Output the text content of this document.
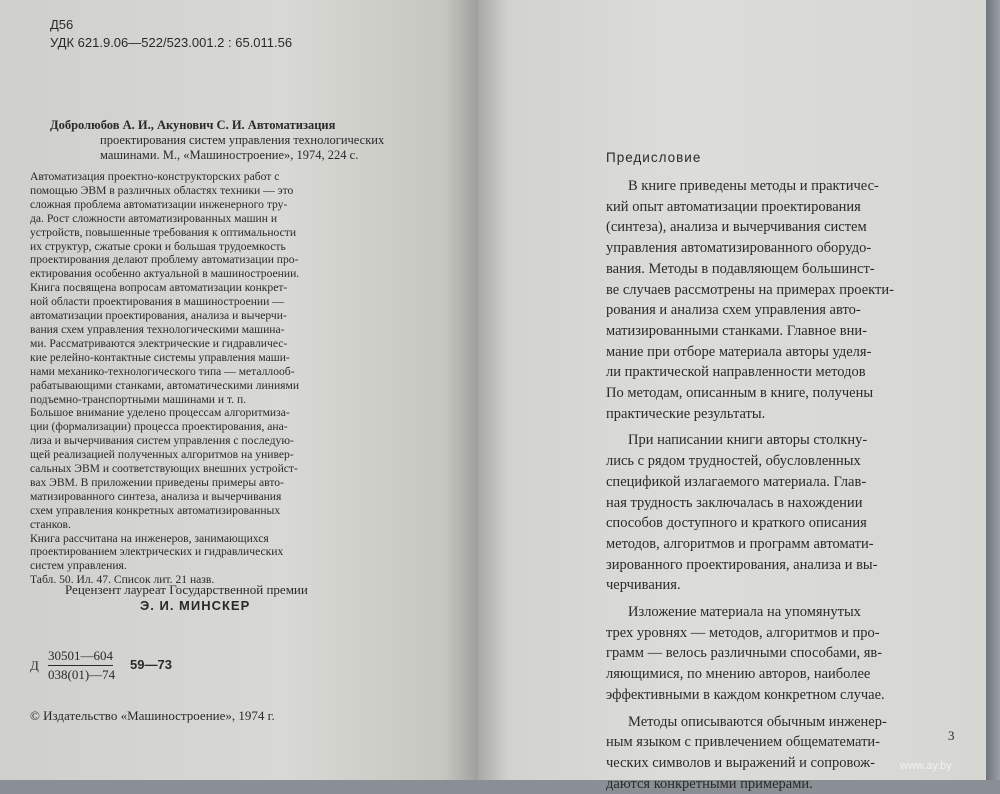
Д56
УДК 621.9.06—522/523.001.2 : 65.011.56
Добролюбов А. И., Акунович С. И. Автоматизация
проектирования систем управления технологических
машинами. М., «Машиностроение», 1974, 224 с.
Автоматизация проектно-конструкторских работ с
помощью ЭВМ в различных областях техники — это
сложная проблема автоматизации инженерного тру-
да. Рост сложности автоматизированных машин и
устройств, повышенные требования к оптимальности
их структур, сжатые сроки и большая трудоемкость
проектирования делают проблему автоматизации про-
ектирования особенно актуальной в машиностроении.
Книга посвящена вопросам автоматизации конкрет-
ной области проектирования в машиностроении —
автоматизации проектирования, анализа и вычерчи-
вания схем управления технологическими машина-
ми. Рассматриваются электрические и гидравличес-
кие релейно-контактные системы управления маши-
нами механико-технологического типа — металлооб-
рабатывающими станками, автоматическими линиями
подъемно-транспортными машинами и т. п.
Большое внимание уделено процессам алгоритмиза-
ции (формализации) процесса проектирования, ана-
лиза и вычерчивания систем управления с последую-
щей реализацией полученных алгоритмов на универ-
сальных ЭВМ и соответствующих внешних устройст-
вах ЭВМ. В приложении приведены примеры авто-
матизированного синтеза, анализа и вычерчивания
схем управления конкретных автоматизированных
станков.
Книга рассчитана на инженеров, занимающихся
проектированием электрических и гидравлических
систем управления.
Табл. 50. Ил. 47. Список лит. 21 назв.
Рецензент лауреат Государственной премии
Э. И. МИНСКЕР
Д
30501—604
038(01)—74
59—73
© Издательство «Машиностроение», 1974 г.
Предисловие
В книге приведены методы и практичес-
кий опыт автоматизации проектирования
(синтеза), анализа и вычерчивания систем
управления автоматизированного оборудо-
вания. Методы в подавляющем большинст-
ве случаев рассмотрены на примерах проекти-
рования и анализа схем управления авто-
матизированными станками. Главное вни-
мание при отборе материала авторы уделя-
ли практической направленности методов
По методам, описанным в книге, получены
практические результаты.
При написании книги авторы столкну-
лись с рядом трудностей, обусловленных
спецификой излагаемого материала. Глав-
ная трудность заключалась в нахождении
способов доступного и краткого описания
методов, алгоритмов и программ автомати-
зированного проектирования, анализа и вы-
черчивания.
Изложение материала на упомянутых
трех уровнях — методов, алгоритмов и про-
грамм — велось различными способами, яв-
ляющимися, по мнению авторов, наиболее
эффективными в каждом конкретном случае.
Методы описываются обычным инженер-
ным языком с привлечением общематемати-
ческих символов и выражений и сопровож-
даются конкретными примерами.
3
www.ay.by
